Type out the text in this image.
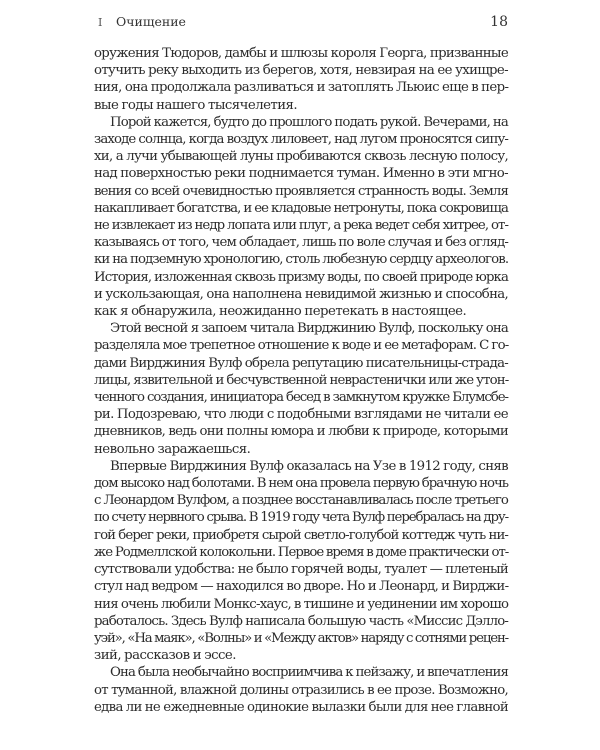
I Очищение	18

оружения Тюдоров, дамбы и шлюзы короля Георга, призванные

отучить реку выходить из берегов, хотя, невзирая на ее ухищре-

ния, она продолжала разливаться и затоплять Льюис еще в пер-

вые годы нашего тысячелетия.

Порой кажется, будто до прошлого подать рукой. Вечерами, на

заходе солнца, когда воздух лиловеет, над лугом проносятся сипу-

хи, а лучи убывающей луны пробиваются сквозь лесную полосу,

над поверхностью реки поднимается туман. Именно в эти мгно-

вения со всей очевидностью проявляется странность воды. Земля

накапливает богатства, и ее кладовые нетронуты, пока сокровища

не извлекает из недр лопата или плуг, а река ведет себя хитрее, от-

казываясь от того, чем обладает, лишь по воле случая и без огляд-

ки на подземную хронологию, столь любезную сердцу археологов.

История, изложенная сквозь призму воды, по своей природе юрка

и ускользающая, она наполнена невидимой жизнью и способна,

как я обнаружила, неожиданно перетекать в настоящее.

Этой весной я запоем читала Вирджинию Вулф, поскольку она

разделяла мое трепетное отношение к воде и ее метафорам. С го-

дами Вирджиния Вулф обрела репутацию писательницы-страда-

лицы, язвительной и бесчувственной неврастенички или же утон-

ченного создания, инициатора бесед в замкнутом кружке Блумсбе-

ри. Подозреваю, что люди с подобными взглядами не читали ее

дневников, ведь они полны юмора и любви к природе, которыми

невольно заражаешься.

Впервые Вирджиния Вулф оказалась на Узе в 1912 году, сняв

дом высоко над болотами. В нем она провела первую брачную ночь

с Леонардом Вулфом, а позднее восстанавливалась после третьего

по счету нервного срыва. В 1919 году чета Вулф перебралась на дру-

гой берег реки, приобретя сырой светло-голубой коттедж чуть ни-

же Родмеллской колокольни. Первое время в доме практически от-

сутствовали удобства: не было горячей воды, туалет — плетеный

стул над ведром — находился во дворе. Но и Леонард, и Вирджи-

ния очень любили Монкс-хаус, в тишине и уединении им хорошо

работалось. Здесь Вулф написала большую часть «Миссис Дэлло-

уэй», «На маяк», «Волны» и «Между актов» наряду с сотнями рецен-

зий, рассказов и эссе.

Она была необычайно восприимчива к пейзажу, и впечатления

от туманной, влажной долины отразились в ее прозе. Возможно,

едва ли не ежедневные одинокие вылазки были для нее главной
